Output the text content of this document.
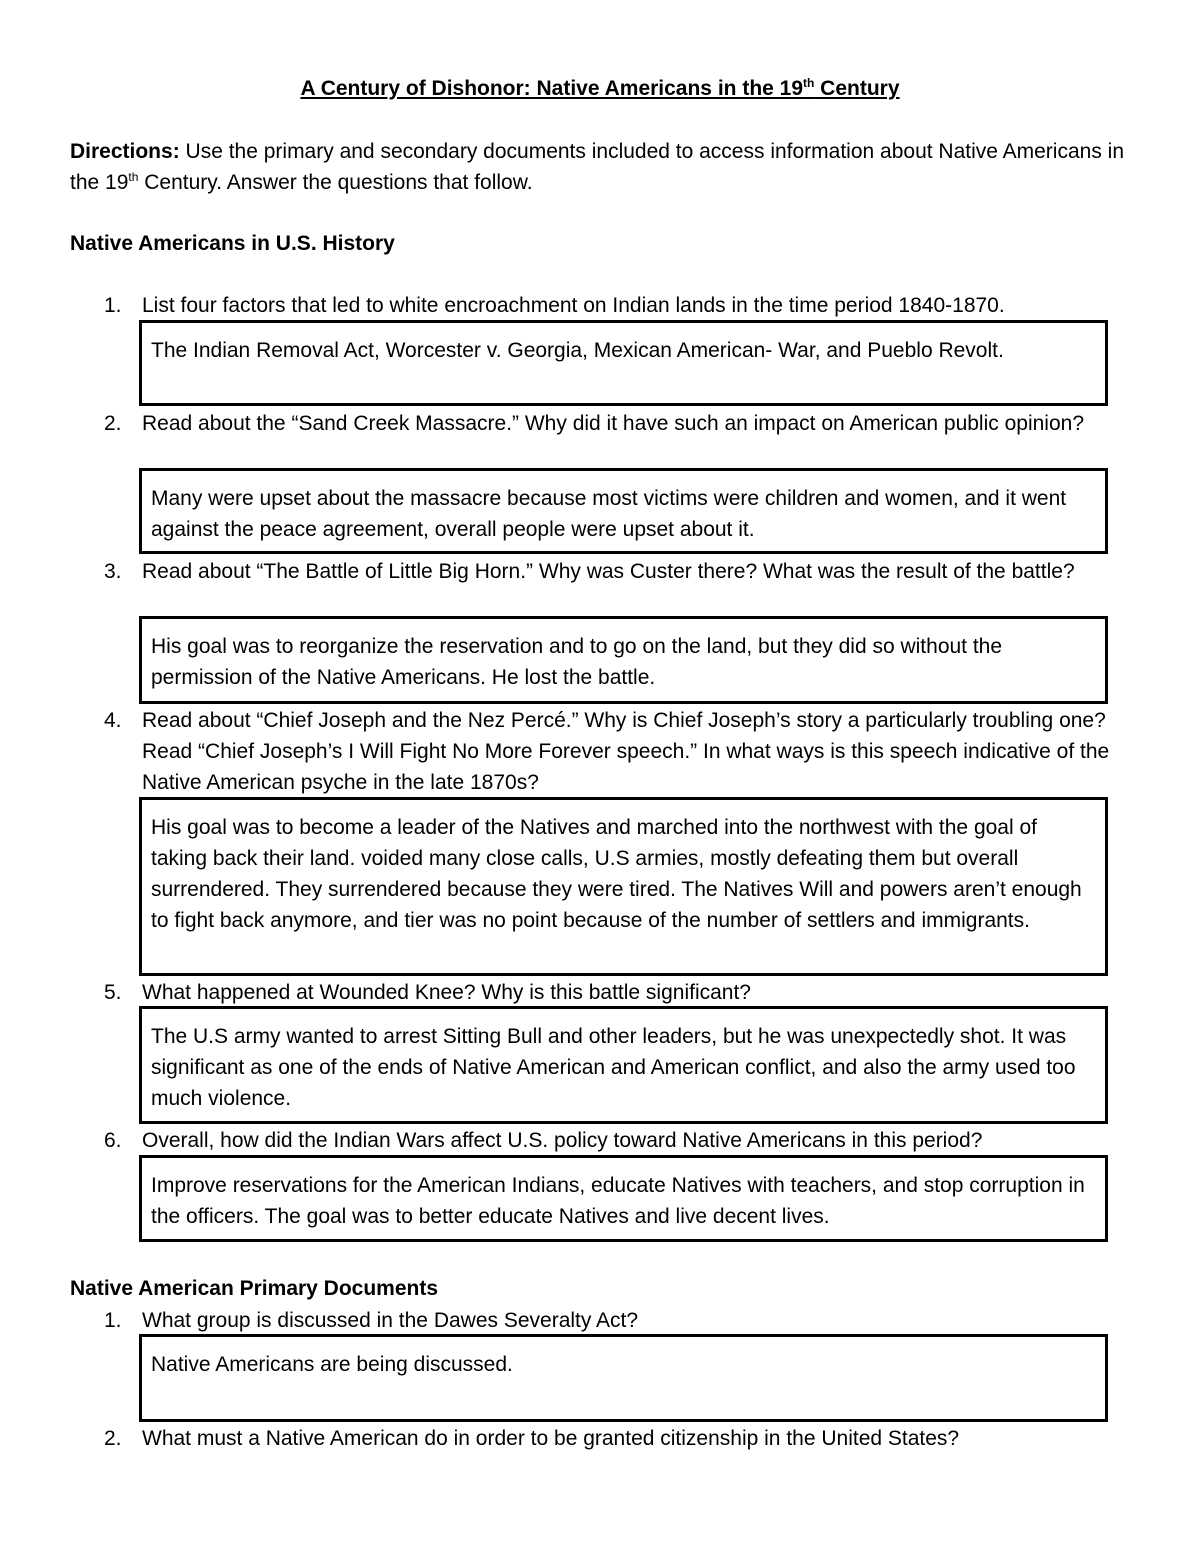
A Century of Dishonor: Native Americans in the 19th Century
Directions: Use the primary and secondary documents included to access information about Native Americans in the 19th Century. Answer the questions that follow.
Native Americans in U.S. History
1. List four factors that led to white encroachment on Indian lands in the time period 1840-1870.
The Indian Removal Act, Worcester v. Georgia, Mexican American- War, and Pueblo Revolt.
2. Read about the “Sand Creek Massacre.” Why did it have such an impact on American public opinion?
Many were upset about the massacre because most victims were children and women, and it went against the peace agreement, overall people were upset about it.
3. Read about “The Battle of Little Big Horn.” Why was Custer there? What was the result of the battle?
His goal was to reorganize the reservation and to go on the land, but they did so without the permission of the Native Americans. He lost the battle.
4. Read about “Chief Joseph and the Nez Percé.” Why is Chief Joseph’s story a particularly troubling one? Read “Chief Joseph’s I Will Fight No More Forever speech.” In what ways is this speech indicative of the Native American psyche in the late 1870s?
His goal was to become a leader of the Natives and marched into the northwest with the goal of taking back their land. voided many close calls, U.S armies, mostly defeating them but overall surrendered. They surrendered because they were tired. The Natives Will and powers aren’t enough to fight back anymore, and tier was no point because of the number of settlers and immigrants.
5. What happened at Wounded Knee? Why is this battle significant?
The U.S army wanted to arrest Sitting Bull and other leaders, but he was unexpectedly shot. It was significant as one of the ends of Native American and American conflict, and also the army used too much violence.
6. Overall, how did the Indian Wars affect U.S. policy toward Native Americans in this period?
Improve reservations for the American Indians, educate Natives with teachers, and stop corruption in the officers. The goal was to better educate Natives and live decent lives.
Native American Primary Documents
1. What group is discussed in the Dawes Severalty Act?
Native Americans are being discussed.
2. What must a Native American do in order to be granted citizenship in the United States?
